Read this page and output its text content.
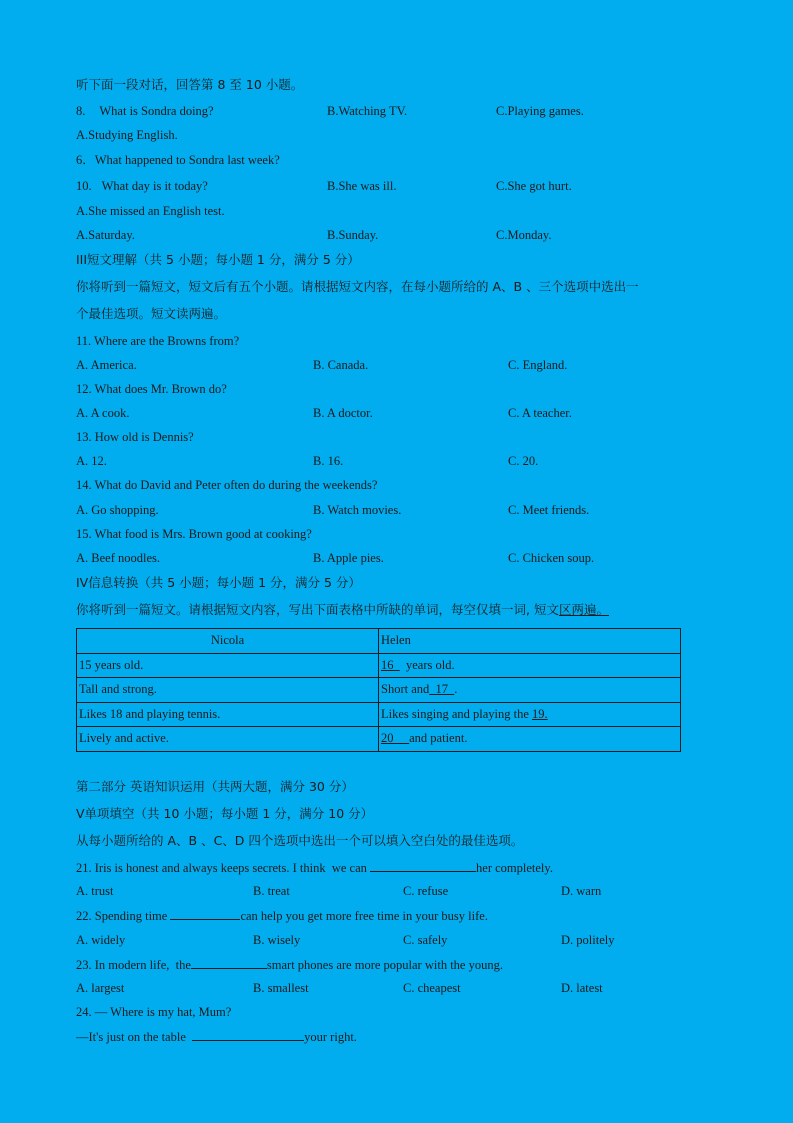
听下面一段对话，回答第 8 至 10 小题。
8. What is Sondra doing?	B.Watching TV.	C.Playing games.
A.Studying English.
6．What happened to Sondra last week?
10. What day is it today?	B.She was ill.	C.She got hurt.
A.She missed an English test.
A.Saturday.	B.Sunday.	C.Monday.
III短文理解（共 5 小题；每小题 1 分，满分 5 分）
你将听到一篇短文，短文后有五个小题。请根据短文内容，在每小题所给的 A、B 、三个选项中选出一
个最佳选项。短文读两遍。
11. Where are the Browns from?
A. America.	B. Canada.	C. England.
12. What does Mr. Brown do?
A. A cook.	B. A doctor.	C. A teacher.
13. How old is Dennis?
A. 12.	B. 16.	C. 20.
14. What do David and Peter often do during the weekends?
A. Go shopping.	B. Watch movies.	C. Meet friends.
15. What food is Mrs. Brown good at cooking?
A. Beef noodles.	B. Apple pies.	C. Chicken soup.
IV信息转换（共 5 小题；每小题 1 分，满分 5 分）
你将听到一篇短文。请根据短文内容，写出下面表格中所缺的单词，每空仅填一词, 短文区两遍。
Nicola	Helen
15 years old.	16    years old.
Tall and strong.	Short and 17 .
Likes 18 and playing tennis.	Likes singing and playing the 19.
Lively and active.	20 and patient.
第二部分 英语知识运用（共两大题，满分 30 分）
V单项填空（共 10 小题；每小题 1 分，满分 10 分）
从每小题所给的 A、B 、C、D 四个选项中选出一个可以填入空白处的最佳选项。
21. Iris is honest and always keeps secrets. I think  we can	her completely.
A. trust	B. treat	C. refuse	D. warn
22. Spending time	can help you get more free time in your busy life.
A. widely	B. wisely	C. safely	D. politely
23. In modern life,  the	smart phones are more popular with the young.
A. largest	B. smallest	C. cheapest	D. latest
24. — Where is my hat, Mum?
—It's just on the table	your right.
